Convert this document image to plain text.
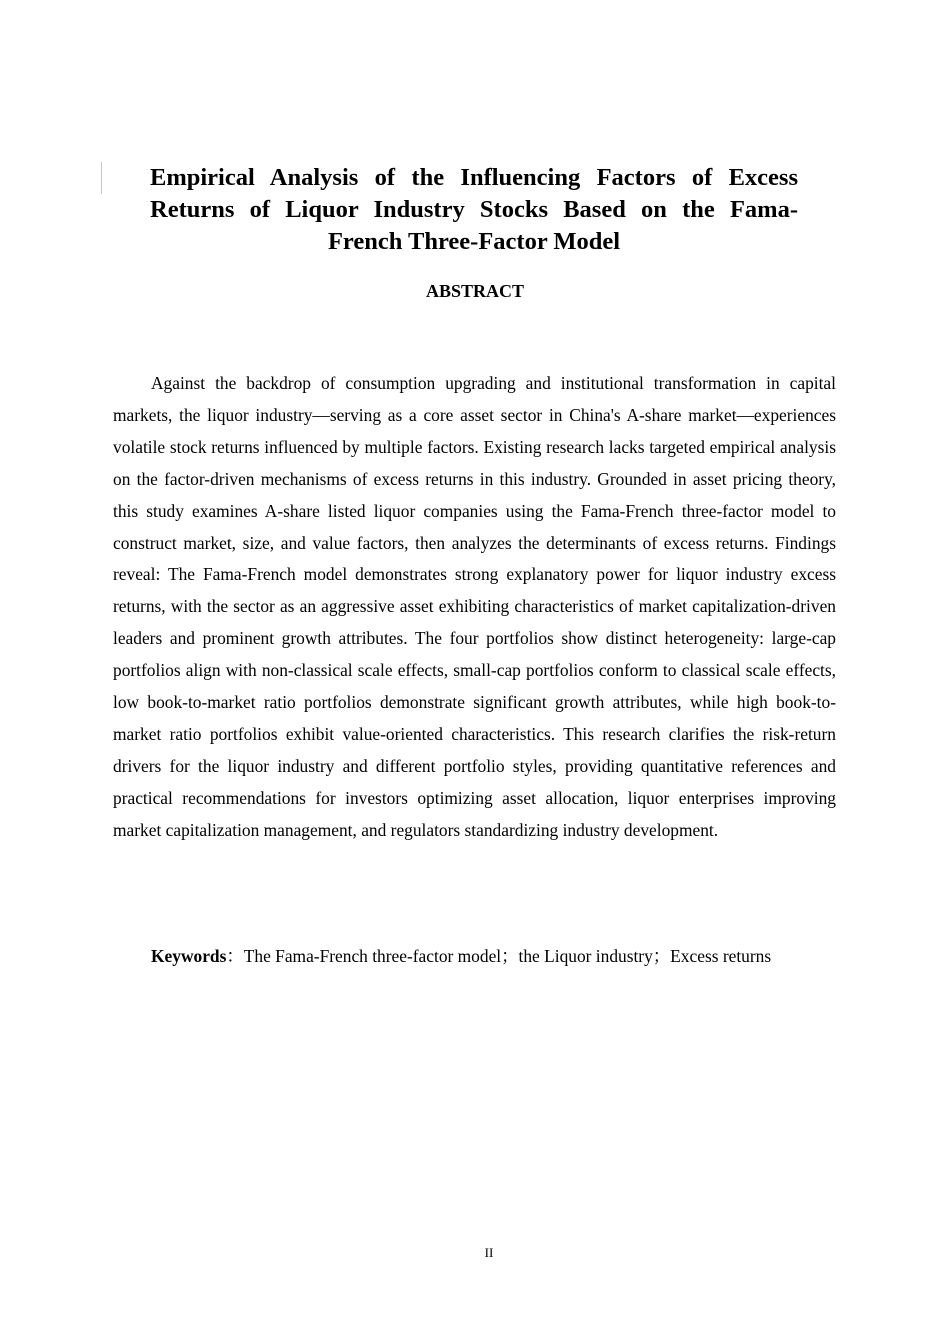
Empirical Analysis of the Influencing Factors of Excess Returns of Liquor Industry Stocks Based on the Fama-French Three-Factor Model
ABSTRACT

Against the backdrop of consumption upgrading and institutional transformation in capital markets, the liquor industry—serving as a core asset sector in China's A-share market—experiences volatile stock returns influenced by multiple factors. Existing research lacks targeted empirical analysis on the factor-driven mechanisms of excess returns in this industry. Grounded in asset pricing theory, this study examines A-share listed liquor companies using the Fama-French three-factor model to construct market, size, and value factors, then analyzes the determinants of excess returns. Findings reveal: The Fama-French model demonstrates strong explanatory power for liquor industry excess returns, with the sector as an aggressive asset exhibiting characteristics of market capitalization-driven leaders and prominent growth attributes. The four portfolios show distinct heterogeneity: large-cap portfolios align with non-classical scale effects, small-cap portfolios conform to classical scale effects, low book-to-market ratio portfolios demonstrate significant growth attributes, while high book-to-market ratio portfolios exhibit value-oriented characteristics. This research clarifies the risk-return drivers for the liquor industry and different portfolio styles, providing quantitative references and practical recommendations for investors optimizing asset allocation, liquor enterprises improving market capitalization management, and regulators standardizing industry development.

Keywords：The Fama-French three-factor model；the Liquor industry；Excess returns

II
